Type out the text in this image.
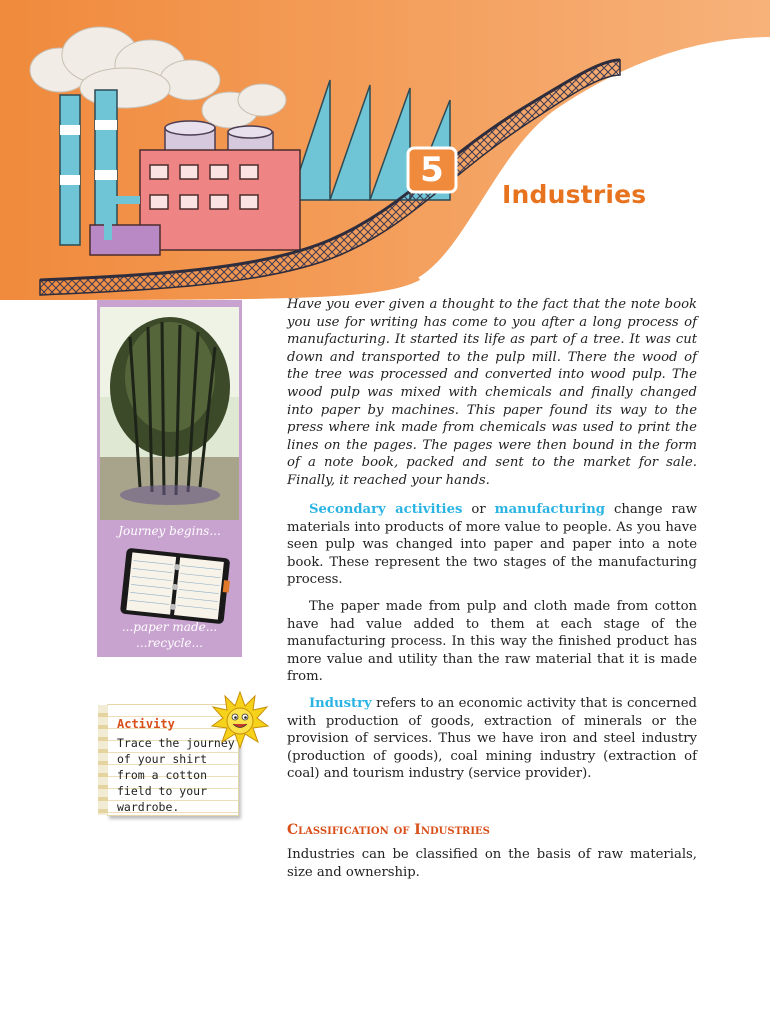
5
Industries
Journey begins...
...paper made...
...recycle...
Activity
Trace the journey of your shirt from a cotton field to your wardrobe.

Have you ever given a thought to the fact that the note book you use for writing has come to you after a long process of manufacturing. It started its life as part of a tree. It was cut down and transported to the pulp mill. There the wood of the tree was processed and converted into wood pulp. The wood pulp was mixed with chemicals and finally changed into paper by machines. This paper found its way to the press where ink made from chemicals was used to print the lines on the pages. The pages were then bound in the form of a note book, packed and sent to the market for sale. Finally, it reached your hands.

Secondary activities or manufacturing change raw materials into products of more value to people. As you have seen pulp was changed into paper and paper into a note book. These represent the two stages of the manufacturing process.

The paper made from pulp and cloth made from cotton have had value added to them at each stage of the manufacturing process. In this way the finished product has more value and utility than the raw material that it is made from.

Industry refers to an economic activity that is concerned with production of goods, extraction of minerals or the provision of services. Thus we have iron and steel industry (production of goods), coal mining industry (extraction of coal) and tourism industry (service provider).

Classification of Industries

Industries can be classified on the basis of raw materials, size and ownership.
